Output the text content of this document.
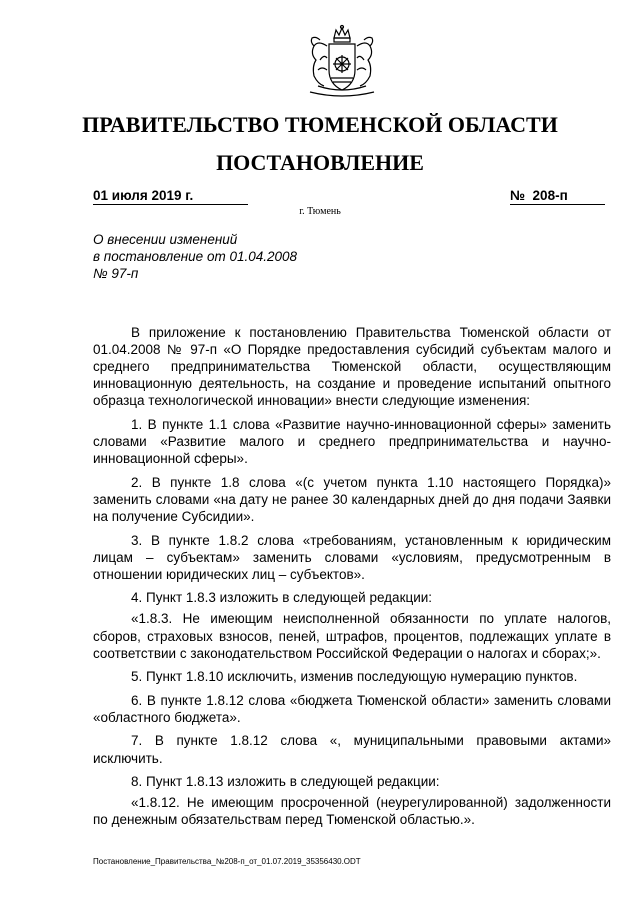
ПРАВИТЕЛЬСТВО ТЮМЕНСКОЙ ОБЛАСТИ
ПОСТАНОВЛЕНИЕ
01 июля 2019 г.	№  208-п
г. Тюмень
О внесении изменений
в постановление от 01.04.2008
№ 97-п

В приложение к постановлению Правительства Тюменской области от 01.04.2008 № 97-п «О Порядке предоставления субсидий субъектам малого и среднего предпринимательства Тюменской области, осуществляющим инновационную деятельность, на создание и проведение испытаний опытного образца технологической инновации» внести следующие изменения:

1. В пункте 1.1 слова «Развитие научно-инновационной сферы» заменить словами «Развитие малого и среднего предпринимательства и научно-инновационной сферы».

2. В пункте 1.8 слова «(с учетом пункта 1.10 настоящего Порядка)» заменить словами «на дату не ранее 30 календарных дней до дня подачи Заявки на получение Субсидии».

3. В пункте 1.8.2 слова «требованиям, установленным к юридическим лицам – субъектам» заменить словами «условиям, предусмотренным в отношении юридических лиц – субъектов».

4. Пункт 1.8.3 изложить в следующей редакции:

«1.8.3. Не имеющим неисполненной обязанности по уплате налогов, сборов, страховых взносов, пеней, штрафов, процентов, подлежащих уплате в соответствии с законодательством Российской Федерации о налогах и сборах;».

5. Пункт 1.8.10 исключить, изменив последующую нумерацию пунктов.

6. В пункте 1.8.12 слова «бюджета Тюменской области» заменить словами «областного бюджета».

7. В пункте 1.8.12 слова «, муниципальными правовыми актами» исключить.

8. Пункт 1.8.13 изложить в следующей редакции:

«1.8.12. Не имеющим просроченной (неурегулированной) задолженности по денежным обязательствам перед Тюменской областью.».

Постановление_Правительства_№208-п_от_01.07.2019_35356430.ODT
